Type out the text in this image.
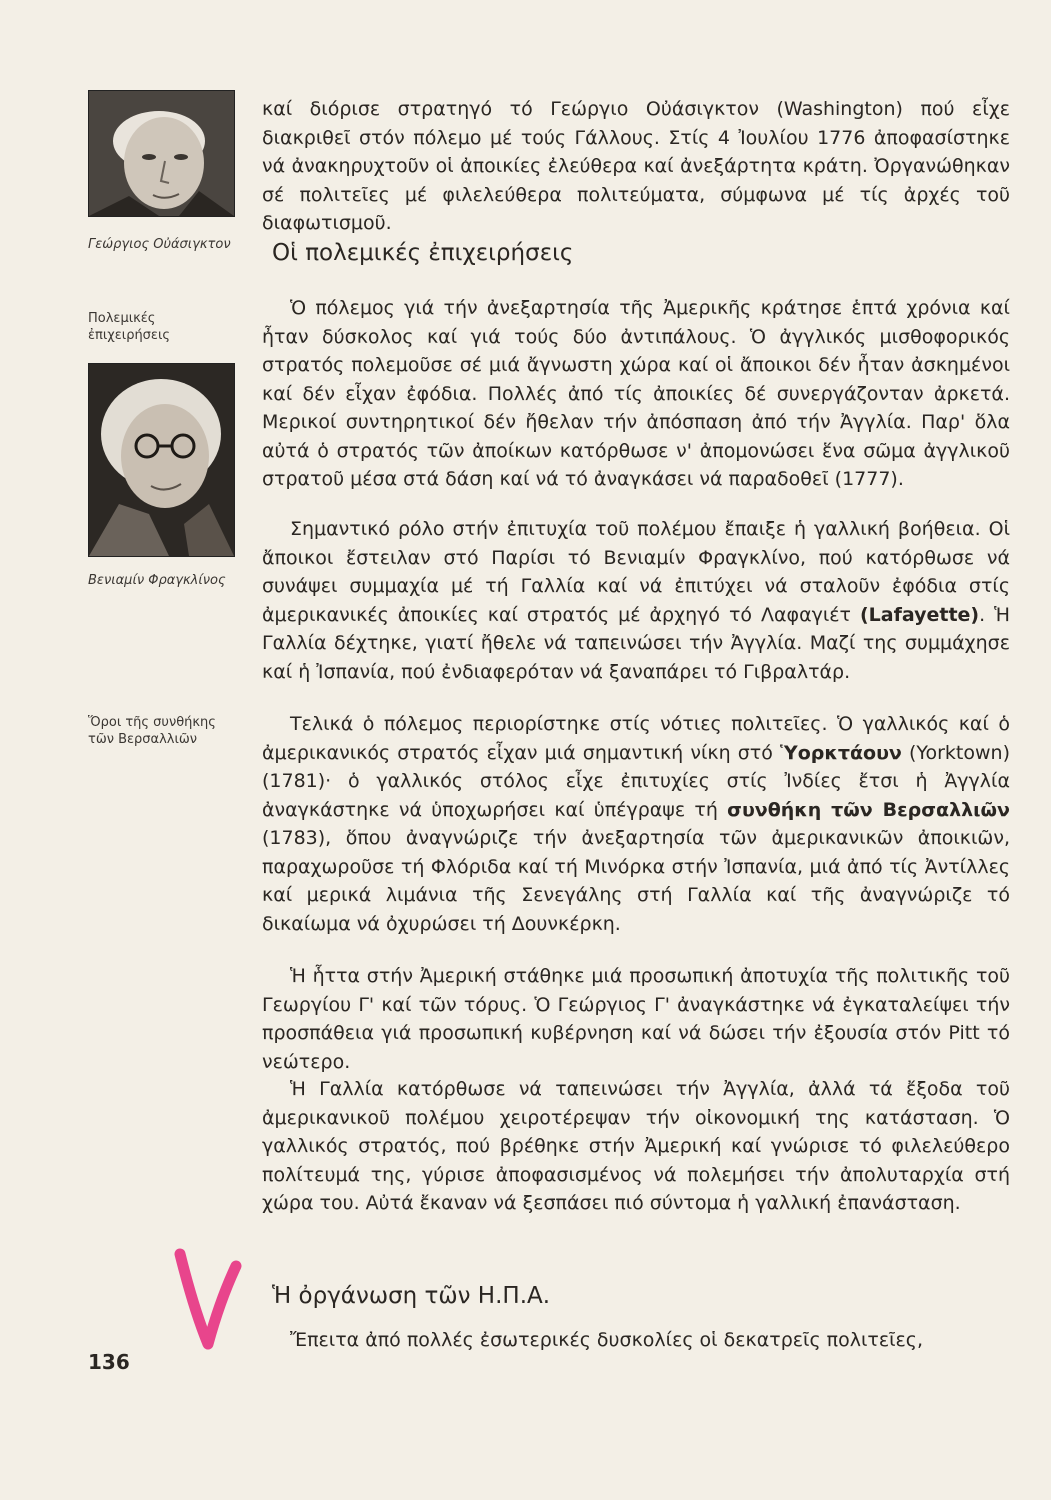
Γεώργιος Οὐάσιγκτον
Πολεμικές ἐπιχειρήσεις
Βενιαμίν Φραγκλίνος
Ὅροι τῆς συνθήκης τῶν Βερσαλλιῶν

καί διόρισε στρατηγό τό Γεώργιο Οὐάσιγκτον (Washington) πού εἶχε διακριθεῖ στόν πόλεμο μέ τούς Γάλλους. Στίς 4 Ἰουλίου 1776 ἀποφασίστηκε νά ἀνακηρυχτοῦν οἱ ἀποικίες ἐλεύθερα καί ἀνεξάρτητα κράτη. Ὀργανώθηκαν σέ πολιτεῖες μέ φιλελεύθερα πολιτεύματα, σύμφωνα μέ τίς ἀρχές τοῦ διαφωτισμοῦ.

Οἱ πολεμικές ἐπιχειρήσεις

Ὁ πόλεμος γιά τήν ἀνεξαρτησία τῆς Ἀμερικῆς κράτησε ἑπτά χρόνια καί ἦταν δύσκολος καί γιά τούς δύο ἀντιπάλους. Ὁ ἀγγλικός μισθοφορικός στρατός πολεμοῦσε σέ μιά ἄγνωστη χώρα καί οἱ ἄποικοι δέν ἦταν ἀσκημένοι καί δέν εἶχαν ἐφόδια. Πολλές ἀπό τίς ἀποικίες δέ συνεργάζονταν ἀρκετά. Μερικοί συντηρητικοί δέν ἤθελαν τήν ἀπόσπαση ἀπό τήν Ἀγγλία. Παρ' ὅλα αὐτά ὁ στρατός τῶν ἀποίκων κατόρθωσε ν' ἀπομονώσει ἕνα σῶμα ἀγγλικοῦ στρατοῦ μέσα στά δάση καί νά τό ἀναγκάσει νά παραδοθεῖ (1777).

Σημαντικό ρόλο στήν ἐπιτυχία τοῦ πολέμου ἔπαιξε ἡ γαλλική βοήθεια. Οἱ ἄποικοι ἔστειλαν στό Παρίσι τό Βενιαμίν Φραγκλίνο, πού κατόρθωσε νά συνάψει συμμαχία μέ τή Γαλλία καί νά ἐπιτύχει νά σταλοῦν ἐφόδια στίς ἀμερικανικές ἀποικίες καί στρατός μέ ἀρχηγό τό Λαφαγιέτ (Lafayette). Ἡ Γαλλία δέχτηκε, γιατί ἤθελε νά ταπεινώσει τήν Ἀγγλία. Μαζί της συμμάχησε καί ἡ Ἰσπανία, πού ἐνδιαφερόταν νά ξαναπάρει τό Γιβραλτάρ.

Τελικά ὁ πόλεμος περιορίστηκε στίς νότιες πολιτεῖες. Ὁ γαλλικός καί ὁ ἀμερικανικός στρατός εἶχαν μιά σημαντική νίκη στό Ὑορκτάουν (Yorktown) (1781)· ὁ γαλλικός στόλος εἶχε ἐπιτυχίες στίς Ἰνδίες ἔτσι ἡ Ἀγγλία ἀναγκάστηκε νά ὑποχωρήσει καί ὑπέγραψε τή συνθήκη τῶν Βερσαλλιῶν (1783), ὅπου ἀναγνώριζε τήν ἀνεξαρτησία τῶν ἀμερικανικῶν ἀποικιῶν, παραχωροῦσε τή Φλόριδα καί τή Μινόρκα στήν Ἰσπανία, μιά ἀπό τίς Ἀντίλλες καί μερικά λιμάνια τῆς Σενεγάλης στή Γαλλία καί τῆς ἀναγνώριζε τό δικαίωμα νά ὀχυρώσει τή Δουνκέρκη.

Ἡ ἧττα στήν Ἀμερική στάθηκε μιά προσωπική ἀποτυχία τῆς πολιτικῆς τοῦ Γεωργίου Γ' καί τῶν τόρυς. Ὁ Γεώργιος Γ' ἀναγκάστηκε νά ἐγκαταλείψει τήν προσπάθεια γιά προσωπική κυβέρνηση καί νά δώσει τήν ἐξουσία στόν Pitt τό νεώτερο.

Ἡ Γαλλία κατόρθωσε νά ταπεινώσει τήν Ἀγγλία, ἀλλά τά ἔξοδα τοῦ ἀμερικανικοῦ πολέμου χειροτέρεψαν τήν οἰκονομική της κατάσταση. Ὁ γαλλικός στρατός, πού βρέθηκε στήν Ἀμερική καί γνώρισε τό φιλελεύθερο πολίτευμά της, γύρισε ἀποφασισμένος νά πολεμήσει τήν ἀπολυταρχία στή χώρα του. Αὐτά ἔκαναν νά ξεσπάσει πιό σύντομα ἡ γαλλική ἐπανάσταση.

Ἡ ὀργάνωση τῶν Η.Π.Α.

Ἔπειτα ἀπό πολλές ἐσωτερικές δυσκολίες οἱ δεκατρεῖς πολιτεῖες,

136
